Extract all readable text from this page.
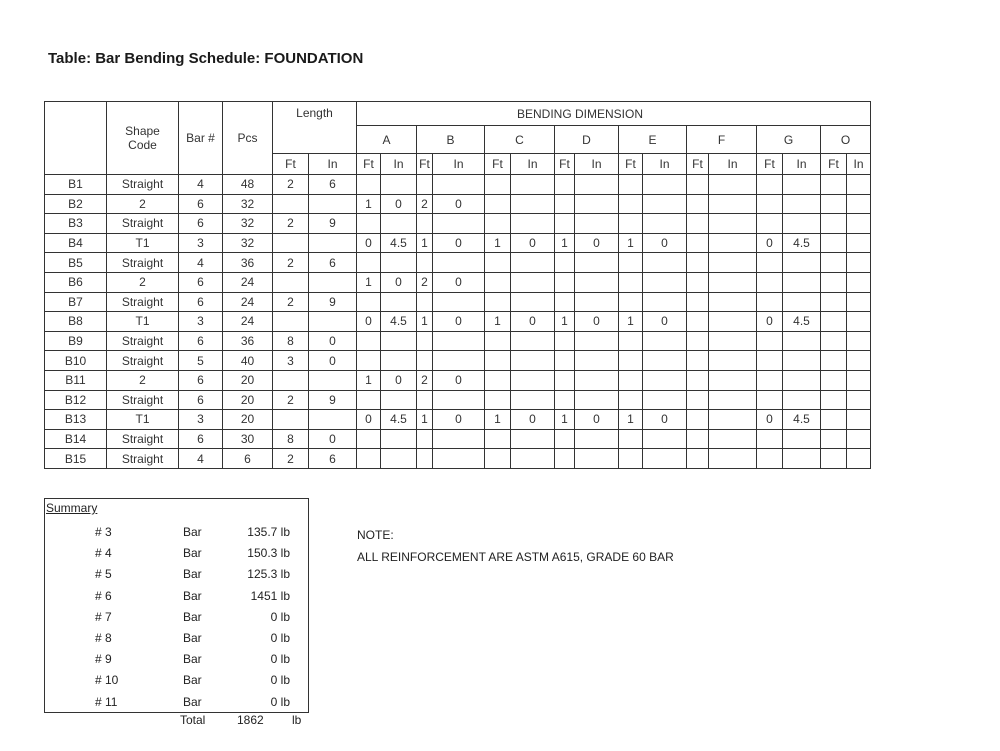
Table: Bar Bending Schedule: FOUNDATION
	Shape Code	Bar #	Pcs	Length		BENDING DIMENSION															
						A		B		C		D		E		F		G		O	
				Ft	In	Ft	In	Ft	In	Ft	In	Ft	In	Ft	In	Ft	In	Ft	In	Ft	In
B1	Straight	4	48	2	6																
B2	2	6	32			1	0	2	0												
B3	Straight	6	32	2	9																
B4	T1	3	32			0	4.5	1	0	1	0	1	0	1	0			0	4.5		
B5	Straight	4	36	2	6																
B6	2	6	24			1	0	2	0												
B7	Straight	6	24	2	9																
B8	T1	3	24			0	4.5	1	0	1	0	1	0	1	0			0	4.5		
B9	Straight	6	36	8	0																
B10	Straight	5	40	3	0																
B11	2	6	20			1	0	2	0												
B12	Straight	6	20	2	9																
B13	T1	3	20			0	4.5	1	0	1	0	1	0	1	0			0	4.5		
B14	Straight	6	30	8	0																
B15	Straight	4	6	2	6																
Summary
# 3	Bar	135.7 lb
# 4	Bar	150.3 lb
# 5	Bar	125.3 lb
# 6	Bar	1451 lb
# 7	Bar	0 lb
# 8	Bar	0 lb
# 9	Bar	0 lb
# 10	Bar	0 lb
# 11	Bar	0 lb
Total	1862 lb
NOTE:
ALL REINFORCEMENT ARE ASTM A615, GRADE 60 BAR
